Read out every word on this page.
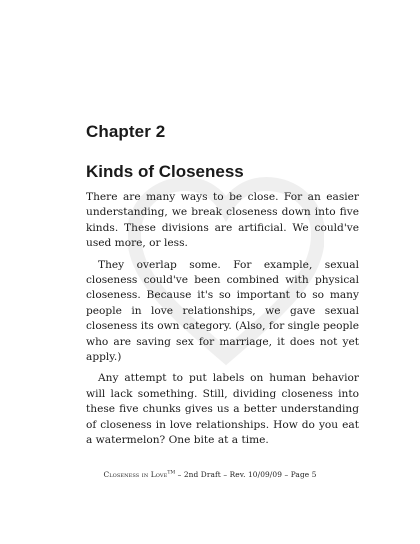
Chapter 2
Kinds of Closeness

There are many ways to be close. For an easier understanding, we break closeness down into five kinds. These divisions are artificial. We could've used more, or less.

They overlap some. For example, sexual closeness could've been combined with physical closeness. Because it's so important to so many people in love relationships, we gave sexual closeness its own category. (Also, for single people who are saving sex for marriage, it does not yet apply.)

Any attempt to put labels on human behavior will lack something. Still, dividing closeness into these five chunks gives us a better understanding of closeness in love relationships. How do you eat a watermelon? One bite at a time.

Closeness in Love™ – 2nd Draft – Rev. 10/09/09 – Page 5
